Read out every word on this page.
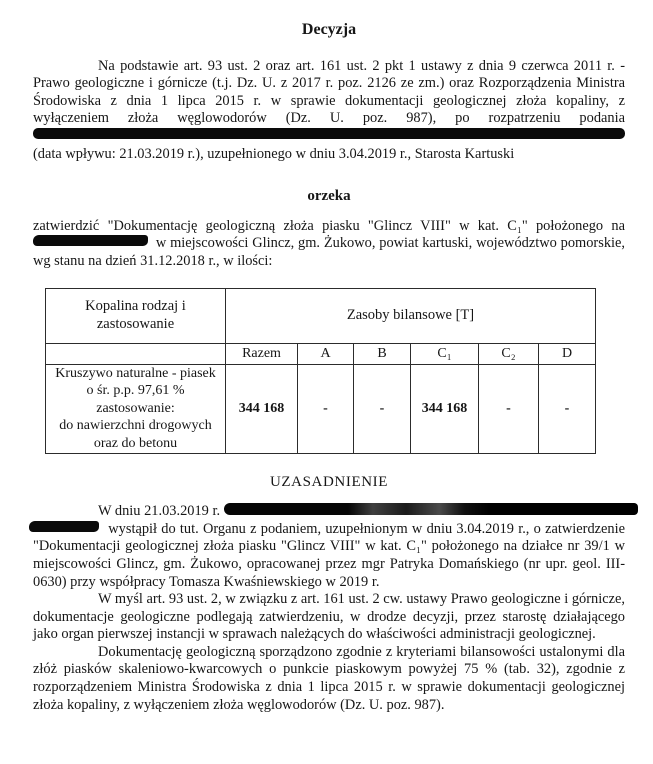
Decyzja

Na podstawie art. 93 ust. 2 oraz art. 161 ust. 2 pkt 1 ustawy z dnia 9 czerwca 2011 r. - Prawo geologiczne i górnicze (t.j. Dz. U. z 2017 r. poz. 2126 ze zm.) oraz Rozporządzenia Ministra Środowiska z dnia 1 lipca 2015 r. w sprawie dokumentacji geologicznej złoża kopaliny, z wyłączeniem złoża węglowodorów (Dz. U. poz. 987), po rozpatrzeniu podania  (data wpływu: 21.03.2019 r.), uzupełnionego w dniu 3.04.2019 r., Starosta Kartuski

orzeka

zatwierdzić "Dokumentację geologiczną złoża piasku "Glincz VIII" w kat. C₁" położonego na  w miejscowości Glincz, gm. Żukowo, powiat kartuski, województwo pomorskie, wg stanu na dzień 31.12.2018 r., w ilości:

Kopalina rodzaj i zastosowanie	Zasoby bilansowe [T]					
	Razem	A	B	C₁	C₂	D

Kruszywo naturalne - piasek
o śr. p.p. 97,61 %
zastosowanie:
do nawierzchni drogowych
oraz do betonu	344 168	-	-	344 168	-	-
UZASADNIENIE
W dniu 21.03.2019 r.

wystąpił do tut. Organu z podaniem, uzupełnionym w dniu 3.04.2019 r., o zatwierdzenie "Dokumentacji geologicznej złoża piasku "Glincz VIII" w kat. C₁" położonego na działce nr 39/1 w miejscowości Glincz, gm. Żukowo, opracowanej przez mgr Patryka Domańskiego (nr upr. geol. III-0630) przy współpracy Tomasza Kwaśniewskiego w 2019 r.

W myśl art. 93 ust. 2, w związku z art. 161 ust. 2 cw. ustawy Prawo geologiczne i górnicze, dokumentacje geologiczne podlegają zatwierdzeniu, w drodze decyzji, przez starostę działającego jako organ pierwszej instancji w sprawach należących do właściwości administracji geologicznej.

Dokumentację geologiczną sporządzono zgodnie z kryteriami bilansowości ustalonymi dla złóż piasków skaleniowo-kwarcowych o punkcie piaskowym powyżej 75 % (tab. 32), zgodnie z rozporządzeniem Ministra Środowiska z dnia 1 lipca 2015 r. w sprawie dokumentacji geologicznej złoża kopaliny, z wyłączeniem złoża węglowodorów (Dz. U. poz. 987).
